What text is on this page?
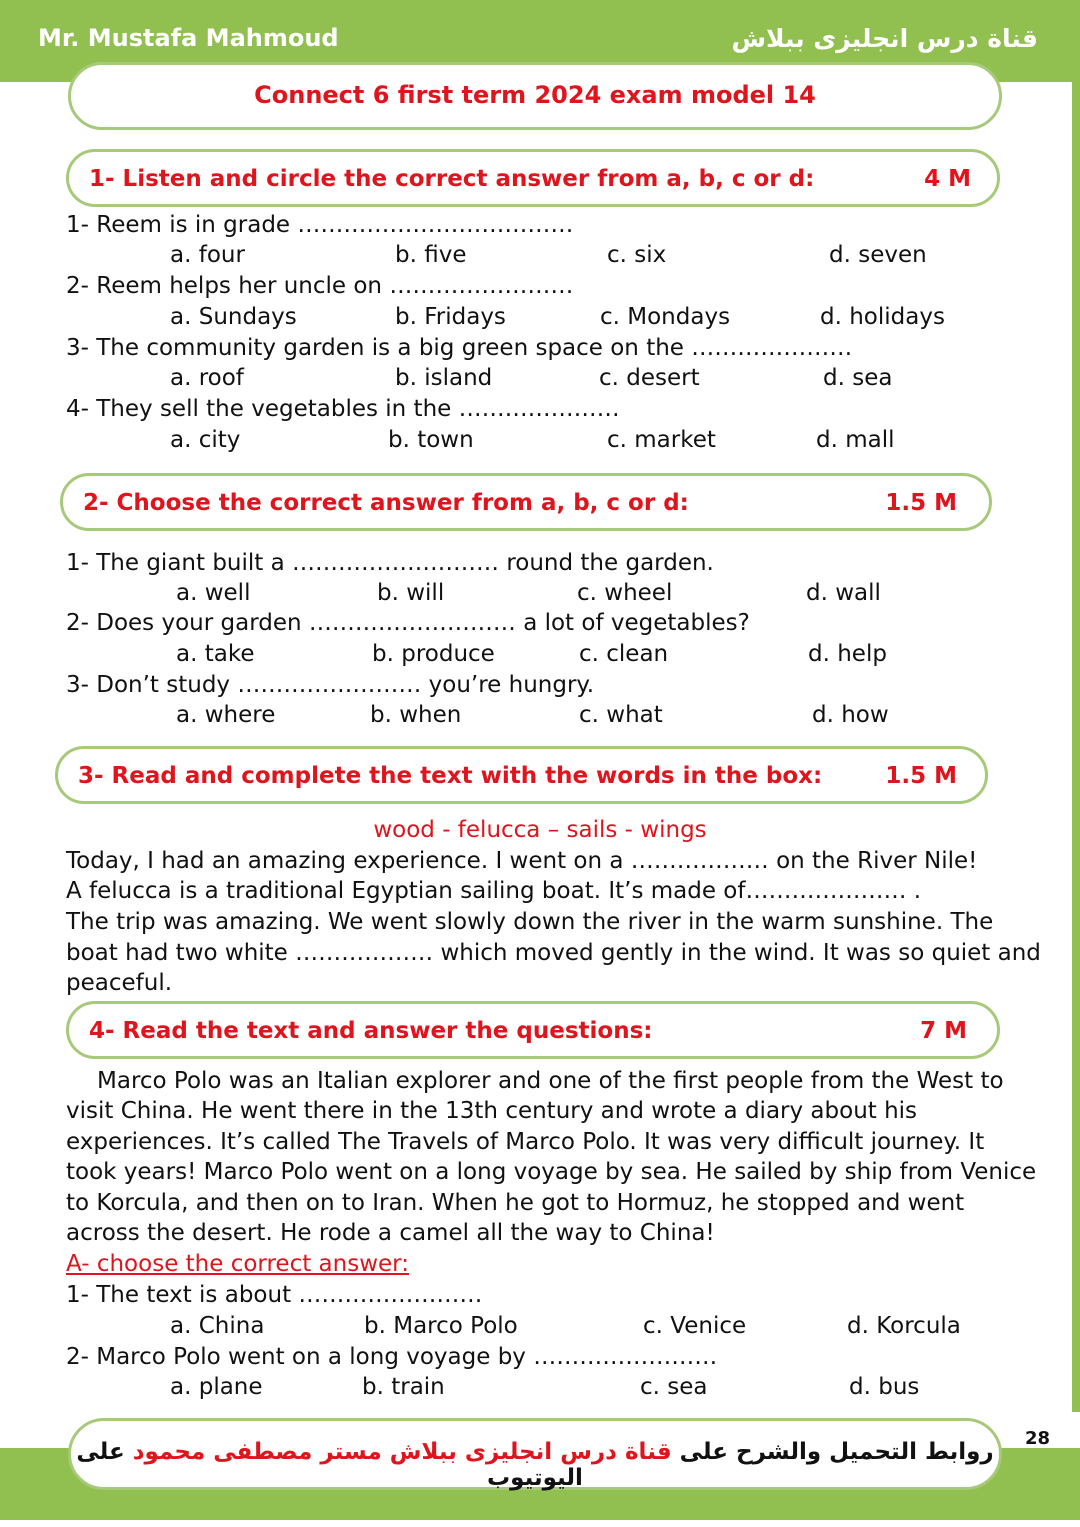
Mr. Mustafa Mahmoud	قناة درس انجليزى ببلاش
Connect 6 first term 2024 exam model 14
1- Listen and circle the correct answer from a, b, c or d:	4 M
1- Reem is in grade ………………………………
a. four	b. five	c. six	d. seven
2- Reem helps her uncle on ……………………
a. Sundays	b. Fridays	c. Mondays	d. holidays
3- The community garden is a big green space on the …………………
a. roof	b. island	c. desert	d. sea
4- They sell the vegetables in the …………………
a. city	b. town	c. market	d. mall
2- Choose the correct answer from a, b, c or d:	1.5 M
1- The giant built a ……………………… round the garden.
a. well	b. will	c. wheel	d. wall
2- Does your garden ……………………… a lot of vegetables?
a. take	b. produce	c. clean	d. help
3- Don’t study …………………… you’re hungry.
a. where	b. when	c. what	d. how
3- Read and complete the text with the words in the box:	1.5 M
wood - felucca – sails - wings
Today, I had an amazing experience. I went on a ……………… on the River Nile!
A felucca is a traditional Egyptian sailing boat. It’s made of………………… .
The trip was amazing. We went slowly down the river in the warm sunshine. The
boat had two white ……………… which moved gently in the wind. It was so quiet and
peaceful.
4- Read the text and answer the questions:	7 M
Marco Polo was an Italian explorer and one of the first people from the West to
visit China. He went there in the 13th century and wrote a diary about his
experiences. It’s called The Travels of Marco Polo. It was very difficult journey. It
took years! Marco Polo went on a long voyage by sea. He sailed by ship from Venice
to Korcula, and then on to Iran. When he got to Hormuz, he stopped and went
across the desert. He rode a camel all the way to China!
A- choose the correct answer:
1- The text is about ……………………
a. China	b. Marco Polo	c. Venice	d. Korcula
2- Marco Polo went on a long voyage by ……………………
a. plane	b. train	c. sea	d. bus
روابط التحميل والشرح على قناة درس انجليزى ببلاش مستر مصطفى محمود على اليوتيوب
28
